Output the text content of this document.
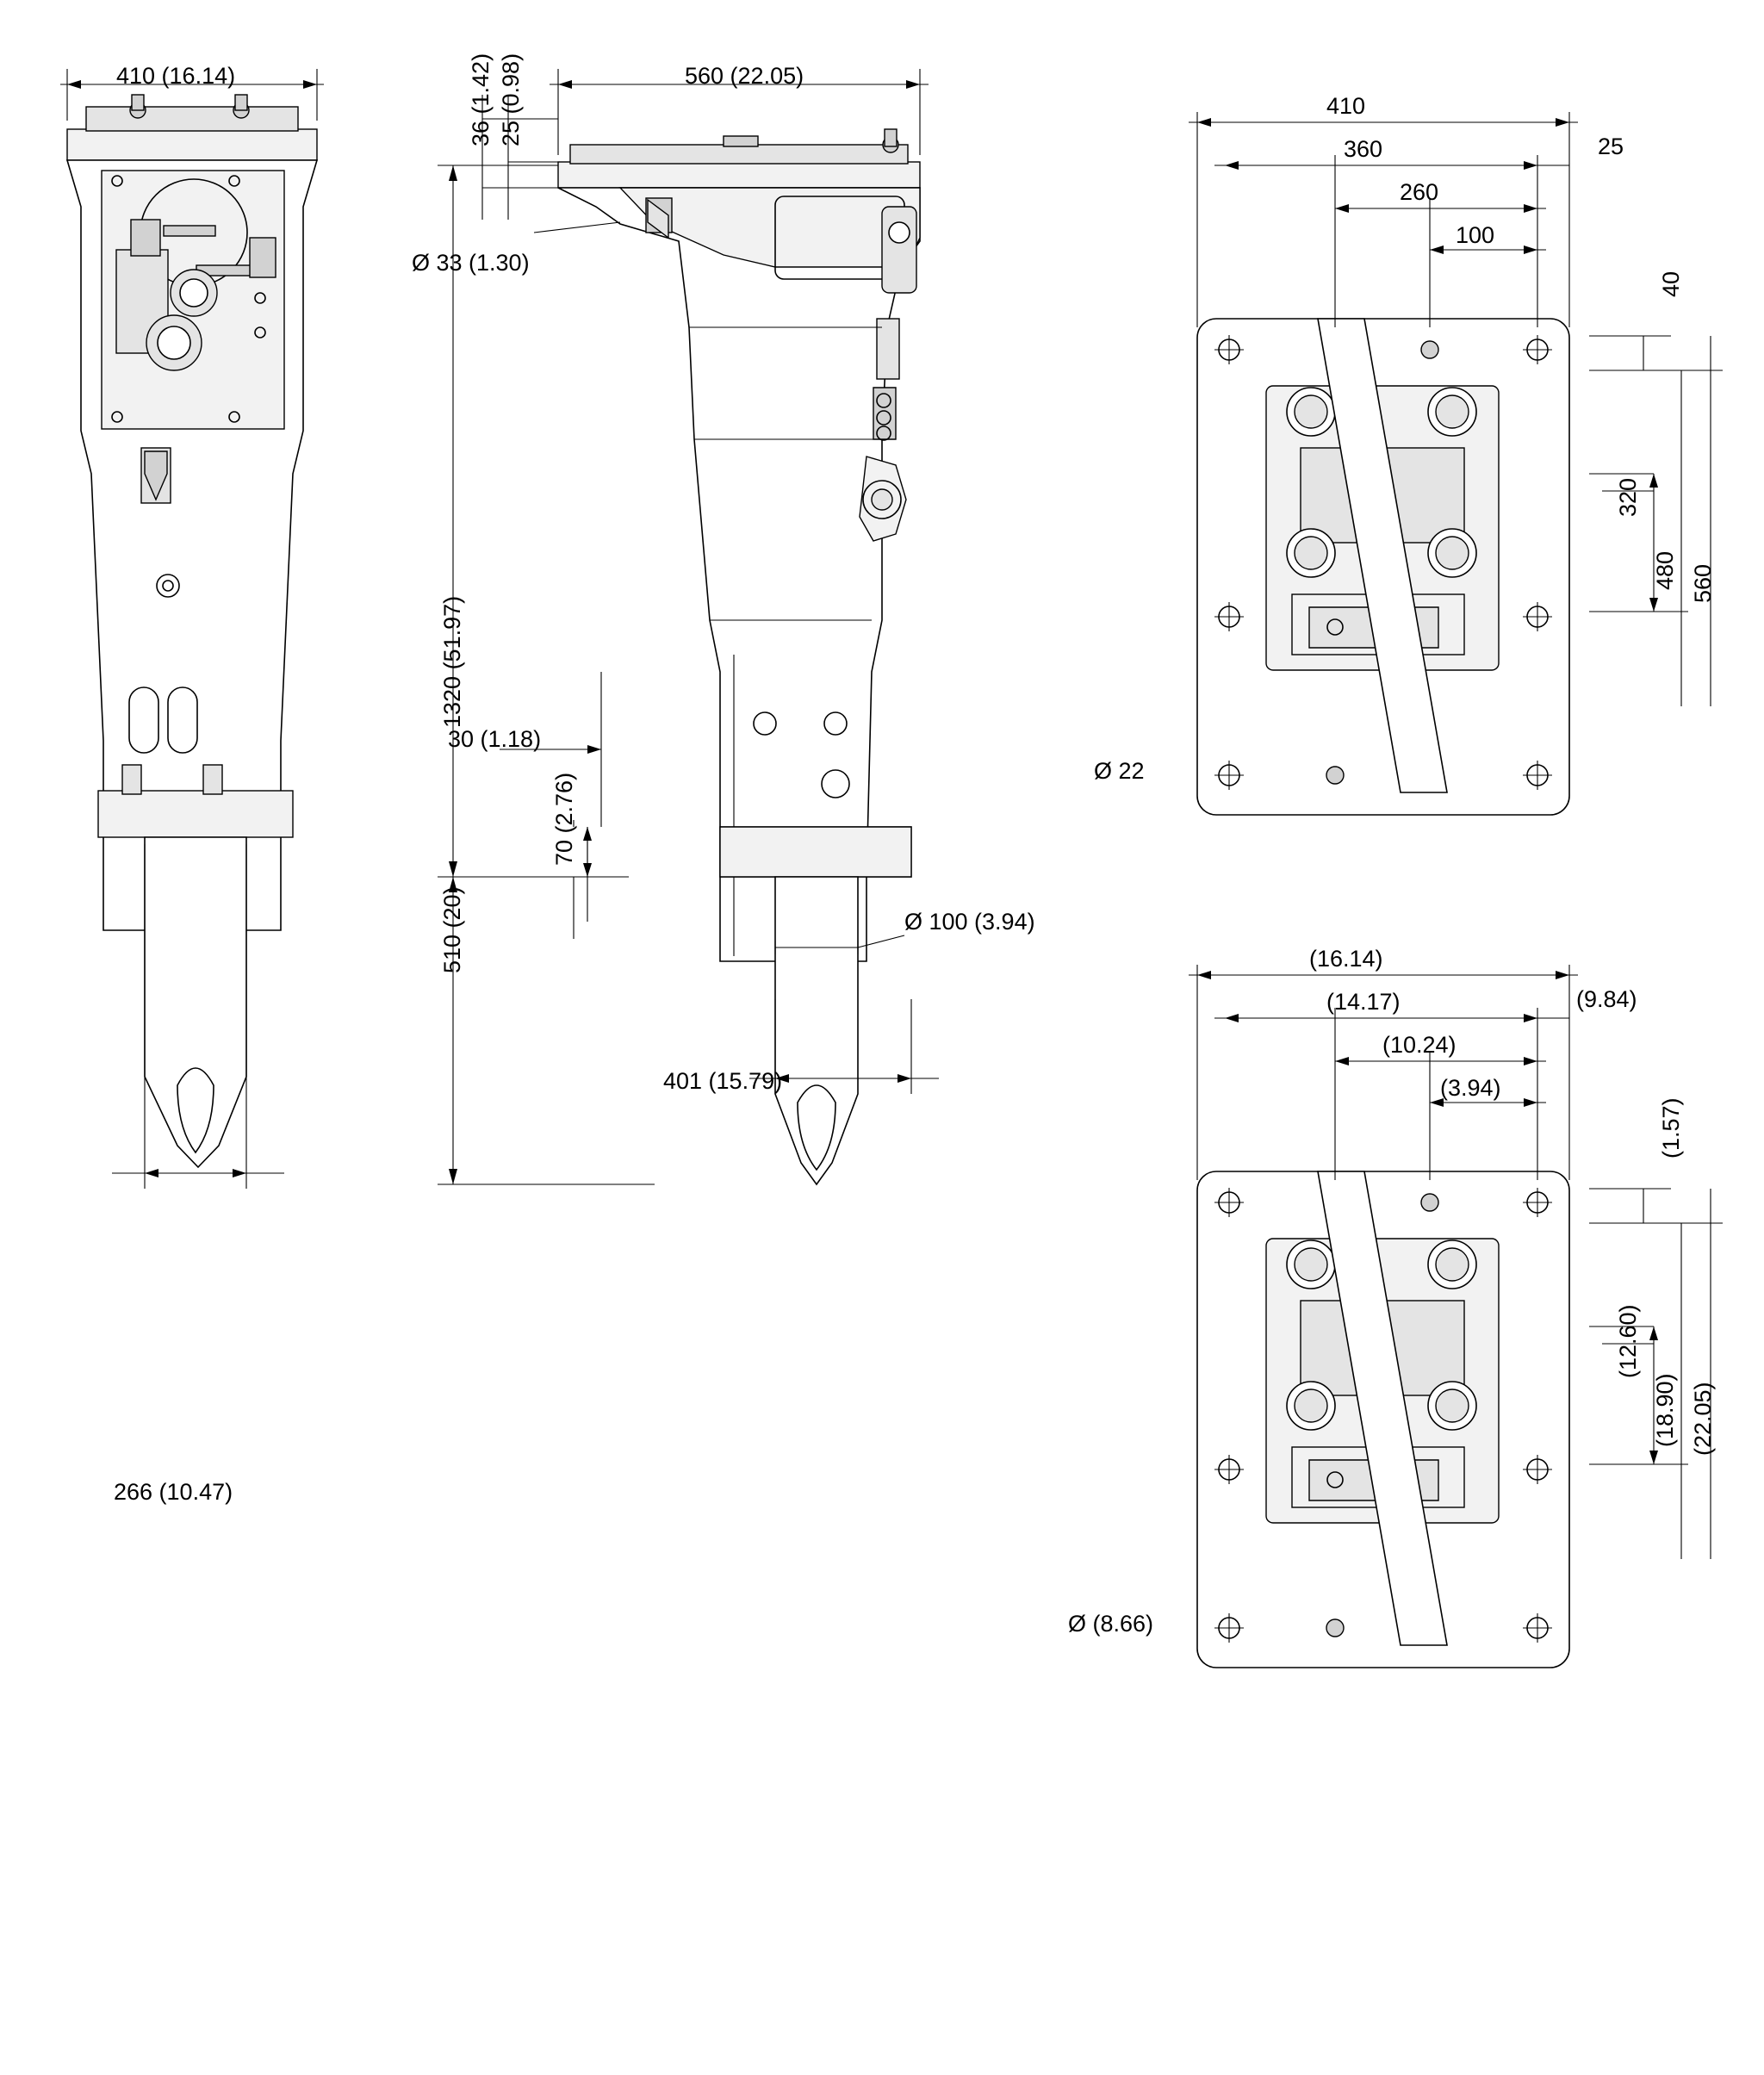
410 (16.14)
266 (10.47)
560 (22.05)
36 (1.42) 25 (0.98)
Ø 33 (1.30)
1320 (51.97)
30 (1.18)
70 (2.76)
510 (20)	Ø 100 (3.94)
401 (15.79)
410
360
260
100
25
40
320
480 560
Ø 22
(16.14)
(14.17)
(10.24)
(3.94)
(9.84)
(1.57)
(12.60)
(18.90) (22.05)
Ø (8.66)
